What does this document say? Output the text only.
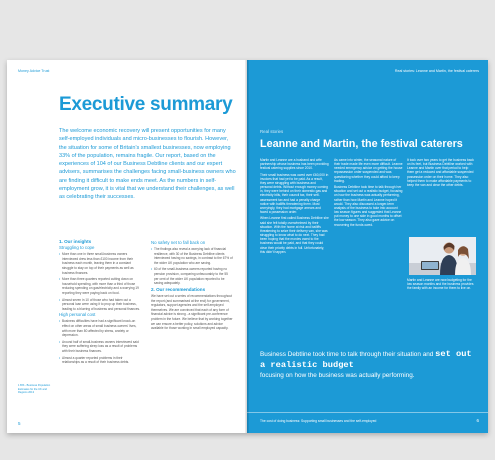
Money Advice Trust
Executive summary
The welcome economic recovery will present opportunities for many self-employed individuals and micro-businesses to flourish. However, the situation for some of Britain's smallest businesses, now employing 33% of the population, remains fragile. Our report, based on the experiences of 104 of our Business Debtline clients and our expert advisers, summarises the challenges facing small-business owners who are finding it difficult to make ends meet. As the numbers in self-employment grow, it is vital that we understand their challenges, as well as celebrating their successes.
1. Our insights
Struggling to cope
• More than one in three small-business owners interviewed drew less than £100 income from their business each month, leaving them in a constant struggle to stay on top of their payments as well as business finances.
• More than three quarters reported cutting down on household spending, with more than a third of those reducing spending on gas/electricity and a worrying 19 reporting they were paying back on food.
• Almost seven in 10 of those who had taken out a personal loan were using it to prop up their business, leading to a blurring of business and personal finances.
High personal cost
• Business difficulties have had a significant knock-on effect on other areas of small business owners' lives, with more than 80 affected by stress, anxiety or depression.
• Around half of small-business owners interviewed said they were suffering sleep loss as a result of problems with their business finances.
• Almost a quarter reported problems in their relationships as a result of their business debts.
No safety net to fall back on
• The findings also reveal a worrying lack of financial resilience, with 30 of the Business Debtline clients interviewed having no savings, in contrast to the 67% of the wider UK population who are saving.
• 60 of the small-business owners reported having no pension provision, comparing unfavourably to the 55 per cent of the wider UK population reported to be saving adequately.
2. Our recommendations
We have set out a series of recommendations throughout the report (and summarised at the end) for government, regulators, support agencies and the self-employed themselves. We are convinced that each of any form of financial advice is strong - a significant pre-conference problem in the future. We believe that by working together we can ensure a better policy, solutions and advice available for those working in small employed capacity.
1 BIS - Business Population Estimates for the UK and Regions 2013
5
Real stories: Leanne and Martin, the festival caterers
Real stories
Leanne and Martin, the festival caterers

Martin and Leanne are a husband and wife partnership whose business has been providing festival catering supplies since 2010.

Their small business was owed over £60,000 in invoices that had yet to be paid. As a result, they were struggling with business and personal debts. Without enough money coming in, they were behind on their domestic gas and electricity bills, their council tax, their self-assessment tax and had a penalty charge notice with bailiffs threatening them. Most worryingly, they had mortgage arrears and faced a possession order.

When Leanne first called Business Debtline she said she felt totally overwhelmed by their situation. With the home at risk and bailiffs threatening to seize their delivery van, she was struggling to know what to do next. They had been hoping that the monies owed to the business would be paid, and that they could clear their priority debts in full. Unfortunately, this didn't happen.

As came into winter, the seasonal nature of their trade made life even more difficult. Leanne needed emergency advice on getting the house repossession order suspended and was questioning whether they could afford to keep trading.

Business Debtline took time to talk through her situation and set out a realistic budget, focusing on how the business was actually performing, rather than how Martin and Leanne hoped it would. They also discussed a longer-term analysis of the business to take into account low season figures and suggested that Leanne put money to one side in good months to offset the low season. They also gave advice on recovering the funds owed.

It took over two years to get the business back on its feet, but Business Debtline worked with Leanne and Martin over that period to help them get a reduced and affordable suspended possession order on their home. They also helped them to make affordable payments to keep the van and clear the other debts.

Martin and Leanne are now budgeting for the low season months and the business provides the family with an income for them to live on.

Business Debtline took time to talk through their situation and set out a realistic budget
focusing on how the business was actually performing.
The cost of doing business: Supporting small businesses and the self-employed	6
